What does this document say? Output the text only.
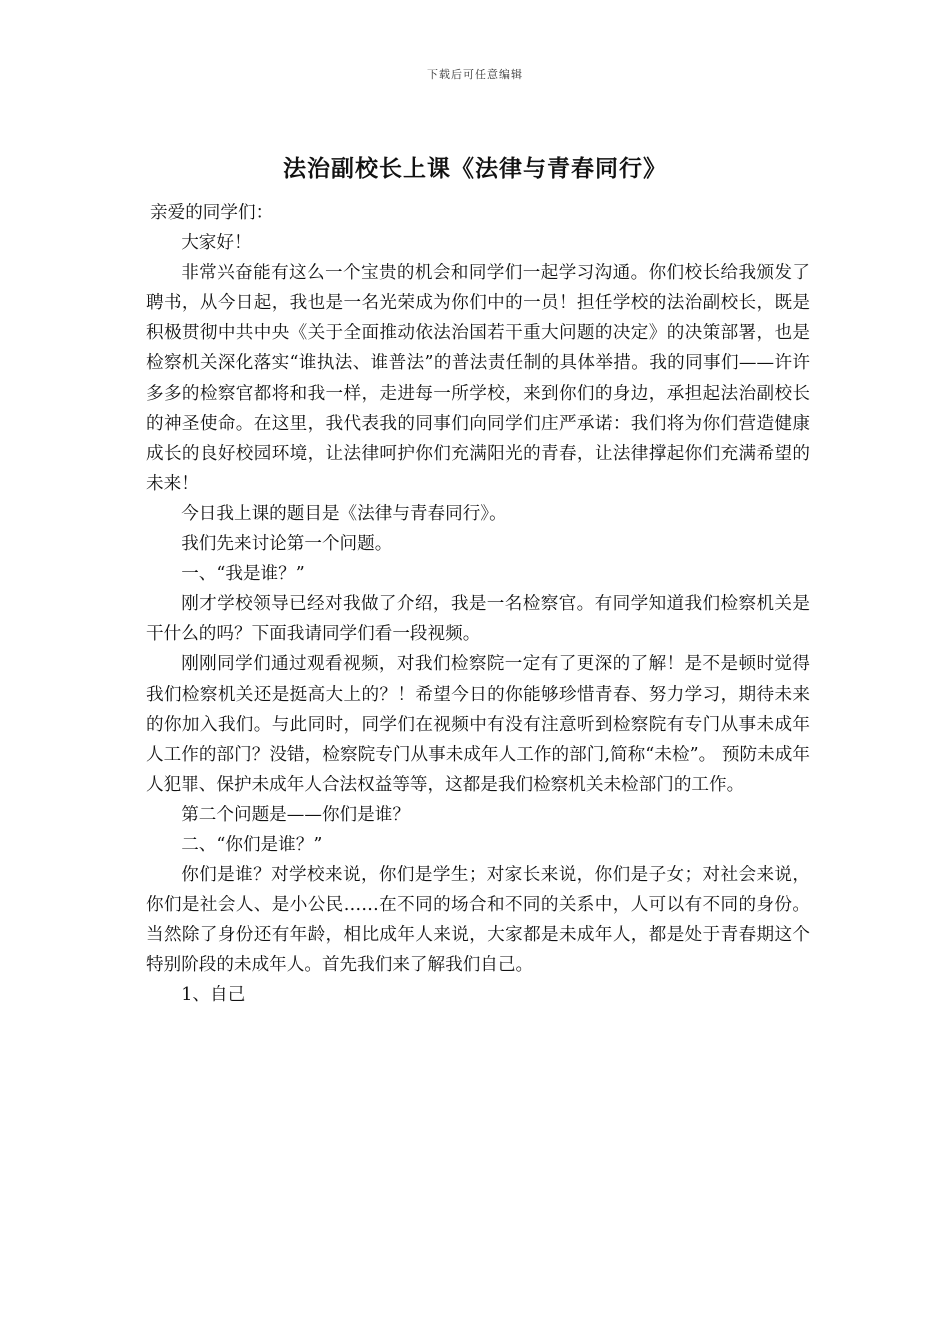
下载后可任意编辑
法治副校长上课《法律与青春同行》

亲爱的同学们：

大家好！

非常兴奋能有这么一个宝贵的机会和同学们一起学习沟通。你们校长给我颁发了聘书，从今日起，我也是一名光荣成为你们中的一员！担任学校的法治副校长，既是积极贯彻中共中央《关于全面推动依法治国若干重大问题的决定》的决策部署，也是检察机关深化落实“谁执法、谁普法”的普法责任制的具体举措。我的同事们——许许多多的检察官都将和我一样，走进每一所学校，来到你们的身边，承担起法治副校长的神圣使命。在这里，我代表我的同事们向同学们庄严承诺：我们将为你们营造健康成长的良好校园环境，让法律呵护你们充满阳光的青春，让法律撑起你们充满希望的未来！

今日我上课的题目是《法律与青春同行》。

我们先来讨论第一个问题。

一、“我是谁？”

刚才学校领导已经对我做了介绍，我是一名检察官。有同学知道我们检察机关是干什么的吗？下面我请同学们看一段视频。

刚刚同学们通过观看视频，对我们检察院一定有了更深的了解！是不是顿时觉得我们检察机关还是挺高大上的？！希望今日的你能够珍惜青春、努力学习，期待未来的你加入我们。与此同时，同学们在视频中有没有注意听到检察院有专门从事未成年人工作的部门？没错，检察院专门从事未成年人工作的部门,简称“未检”。 预防未成年人犯罪、保护未成年人合法权益等等，这都是我们检察机关未检部门的工作。

第二个问题是——你们是谁？

二、“你们是谁？”

你们是谁？对学校来说，你们是学生；对家长来说，你们是子女；对社会来说，你们是社会人、是小公民……在不同的场合和不同的关系中，人可以有不同的身份。当然除了身份还有年龄，相比成年人来说，大家都是未成年人，都是处于青春期这个特别阶段的未成年人。首先我们来了解我们自己。

1、自己
